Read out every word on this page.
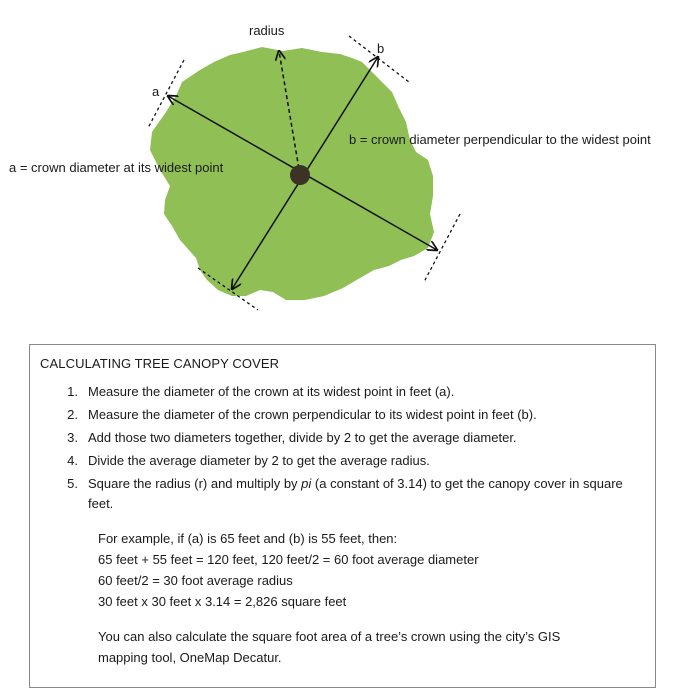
radius
a
b
a = crown diameter at its widest point
b = crown diameter perpendicular to the widest point
CALCULATING TREE CANOPY COVER
1. Measure the diameter of the crown at its widest point in feet (a).
2. Measure the diameter of the crown perpendicular to its widest point in feet (b).
3. Add those two diameters together, divide by 2 to get the average diameter.
4. Divide the average diameter by 2 to get the average radius.
5. Square the radius (r) and multiply by pi (a constant of 3.14) to get the canopy cover in square feet.
For example, if (a) is 65 feet and (b) is 55 feet, then:
65 feet + 55 feet = 120 feet, 120 feet/2 = 60 foot average diameter
60 feet/2 = 30 foot average radius
30 feet x 30 feet x 3.14 = 2,826 square feet
You can also calculate the square foot area of a tree’s crown using the city’s GIS mapping tool, OneMap Decatur.
